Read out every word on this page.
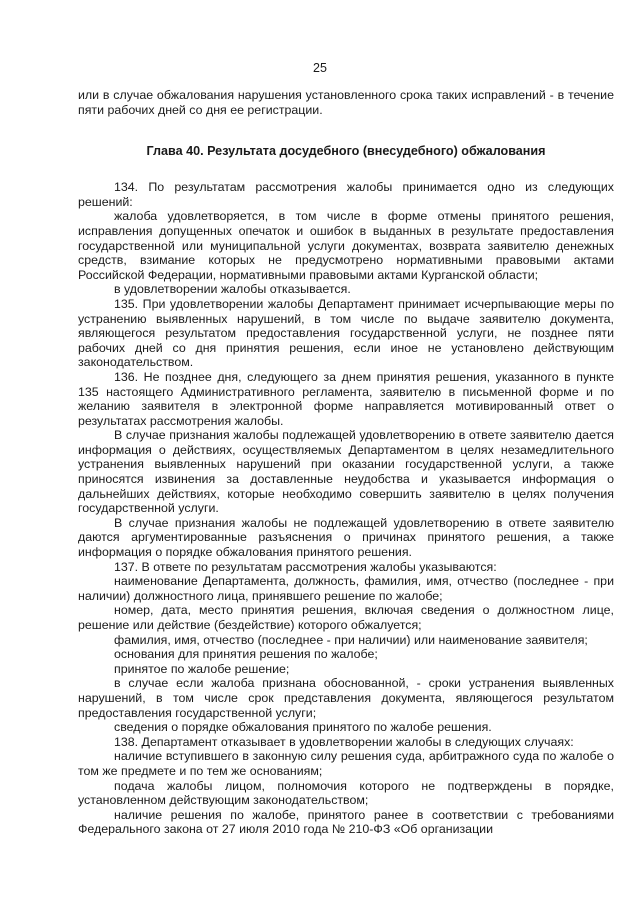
25

или в случае обжалования нарушения установленного срока таких исправлений - в течение пяти рабочих дней со дня ее регистрации.

Глава 40. Результата досудебного (внесудебного) обжалования

134. По результатам рассмотрения жалобы принимается одно из следующих решений:

жалоба удовлетворяется, в том числе в форме отмены принятого решения, исправления допущенных опечаток и ошибок в выданных в результате предоставления государственной или муниципальной услуги документах, возврата заявителю денежных средств, взимание которых не предусмотрено нормативными правовыми актами Российской Федерации, нормативными правовыми актами Курганской области;

в удовлетворении жалобы отказывается.

135. При удовлетворении жалобы Департамент принимает исчерпывающие меры по устранению выявленных нарушений, в том числе по выдаче заявителю документа, являющегося результатом предоставления государственной услуги, не позднее пяти рабочих дней со дня принятия решения, если иное не установлено действующим законодательством.

136. Не позднее дня, следующего за днем принятия решения, указанного в пункте 135 настоящего Административного регламента, заявителю в письменной форме и по желанию заявителя в электронной форме направляется мотивированный ответ о результатах рассмотрения жалобы.

В случае признания жалобы подлежащей удовлетворению в ответе заявителю дается информация о действиях, осуществляемых Департаментом в целях незамедлительного устранения выявленных нарушений при оказании государственной услуги, а также приносятся извинения за доставленные неудобства и указывается информация о дальнейших действиях, которые необходимо совершить заявителю в целях получения государственной услуги.

В случае признания жалобы не подлежащей удовлетворению в ответе заявителю даются аргументированные разъяснения о причинах принятого решения, а также информация о порядке обжалования принятого решения.

137. В ответе по результатам рассмотрения жалобы указываются:

наименование Департамента, должность, фамилия, имя, отчество (последнее - при наличии) должностного лица, принявшего решение по жалобе;

номер, дата, место принятия решения, включая сведения о должностном лице, решение или действие (бездействие) которого обжалуется;

фамилия, имя, отчество (последнее - при наличии) или наименование заявителя;

основания для принятия решения по жалобе;

принятое по жалобе решение;

в случае если жалоба признана обоснованной, - сроки устранения выявленных нарушений, в том числе срок представления документа, являющегося результатом предоставления государственной услуги;

сведения о порядке обжалования принятого по жалобе решения.

138. Департамент отказывает в удовлетворении жалобы в следующих случаях:

наличие вступившего в законную силу решения суда, арбитражного суда по жалобе о том же предмете и по тем же основаниям;

подача жалобы лицом, полномочия которого не подтверждены в порядке, установленном действующим законодательством;

наличие решения по жалобе, принятого ранее в соответствии с требованиями Федерального закона от 27 июля 2010 года № 210-ФЗ «Об организации
